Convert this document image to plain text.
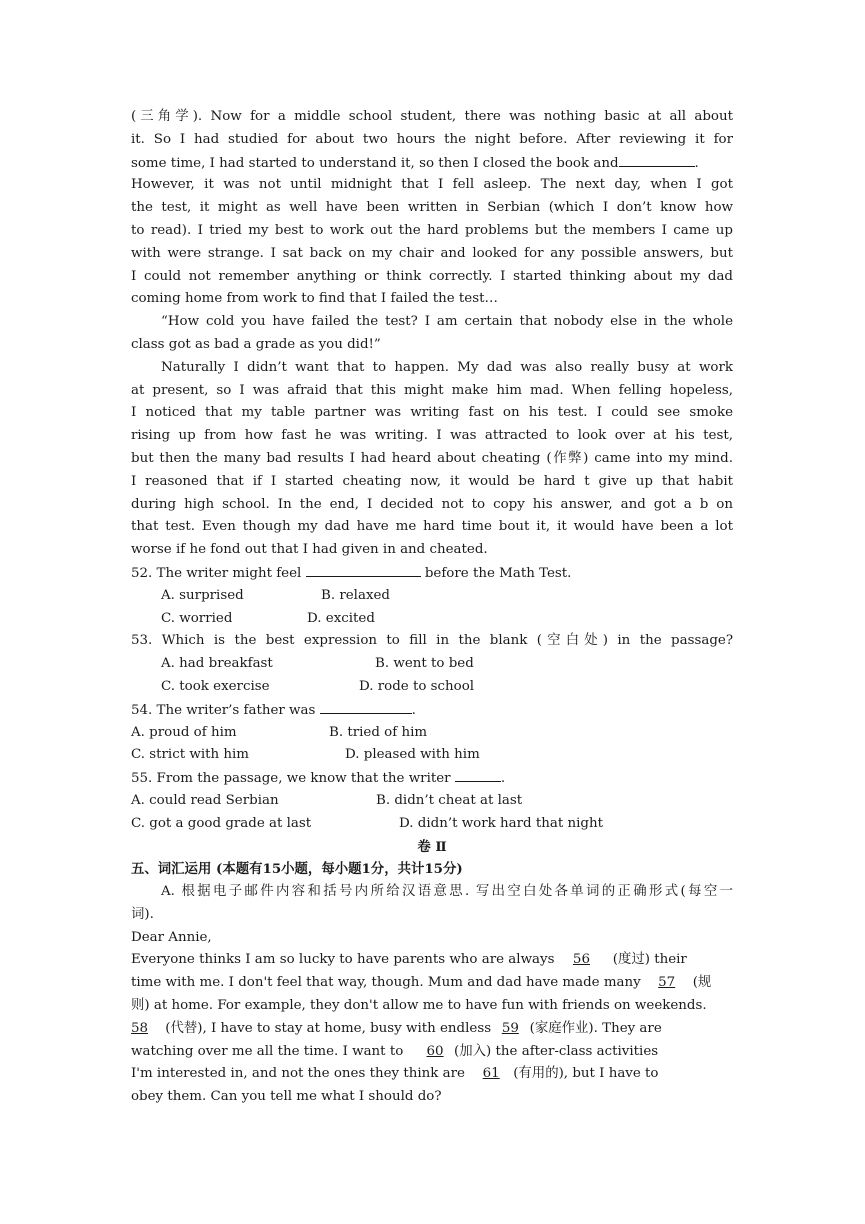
(三角学). Now for a middle school student, there was nothing basic at all about
it. So I had studied for about two hours the night before. After reviewing it for
some time, I had started to understand it, so then I closed the book and	.
However, it was not until midnight that I fell asleep. The next day, when I got
the test, it might as well have been written in Serbian (which I don’t know how
to read). I tried my best to work out the hard problems but the members I came up
with were strange. I sat back on my chair and looked for any possible answers, but
I could not remember anything or think correctly. I started thinking about my dad
coming home from work to find that I failed the test…
“How cold you have failed the test? I am certain that nobody else in the whole
class got as bad a grade as you did!”
Naturally I didn’t want that to happen. My dad was also really busy at work
at present, so I was afraid that this might make him mad. When felling hopeless,
I noticed that my table partner was writing fast on his test. I could see smoke
rising up from how fast he was writing. I was attracted to look over at his test,
but then the many bad results I had heard about cheating (作弊) came into my mind.
I reasoned that if I started cheating now, it would be hard t give up that habit
during high school. In the end, I decided not to copy his answer, and got a b on
that test. Even though my dad have me hard time bout it, it would have been a lot
worse if he fond out that I had given in and cheated.
52. The writer might feel	before the Math Test.
A. surprised	B. relaxed
C. worried	D. excited
53. Which is the best expression to fill in the blank (空白处) in the passage?
A. had breakfast	B. went to bed
C. took exercise	D. rode to school
54. The writer’s father was	.
A. proud of him	B. tried of him
C. strict with him	D. pleased with him
55. From the passage, we know that the writer	.
A. could read Serbian	B. didn’t cheat at last
C. got a good grade at last	D. didn’t work hard that night
卷 Ⅱ
五、词汇运用 (本题有15小题，每小题1分，共计15分)
A. 根据电子邮件内容和括号内所给汉语意思. 写出空白处各单词的正确形式(每空一
词).
Dear Annie,
Everyone thinks I am so lucky to have parents who are always 56 (度过) their
time with me. I don't feel that way, though. Mum and dad have made many 57 (规
则) at home. For example, they don't allow me to have fun with friends on weekends.
58 (代替), I have to stay at home, busy with endless 59 (家庭作业). They are
watching over me all the time. I want to 60 (加入) the after-class activities
I'm interested in, and not the ones they think are 61 (有用的), but I have to
obey them. Can you tell me what I should do?
